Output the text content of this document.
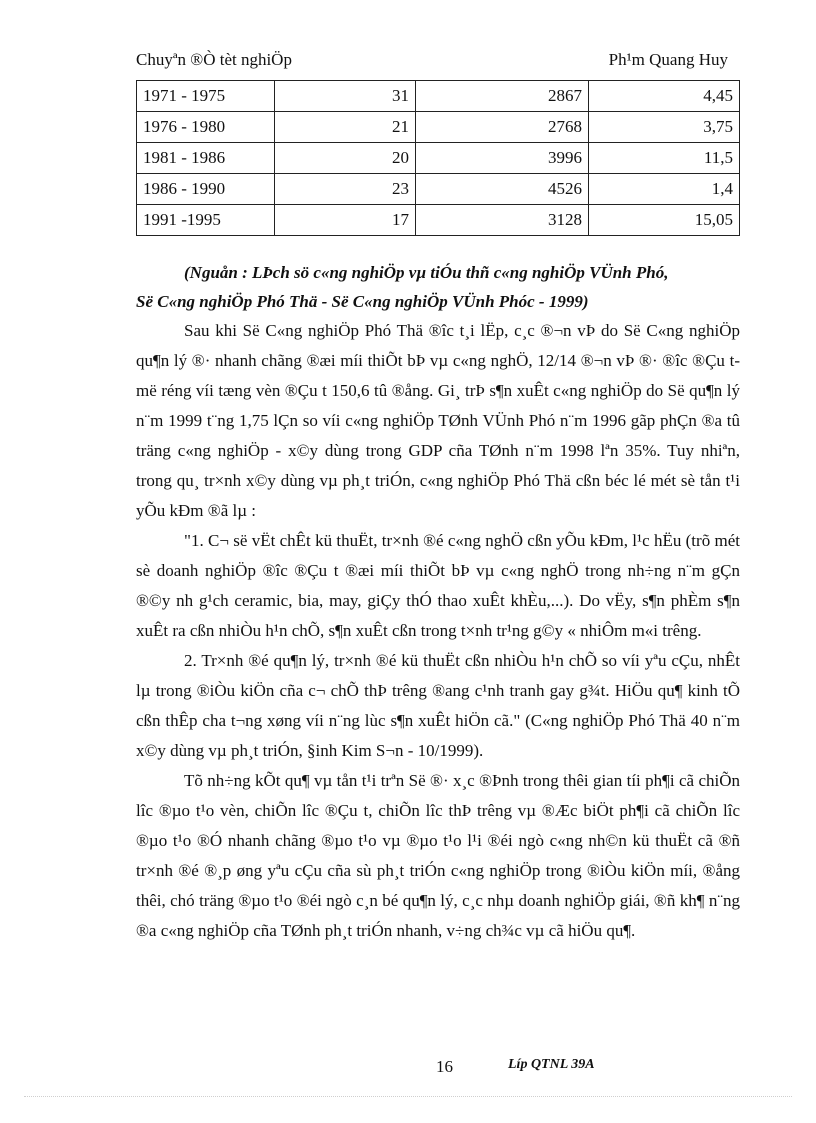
Chuyªn ®Ò tèt nghiÖp	Ph¹m Quang Huy
1971 - 1975	31	2867	4,45
1976 - 1980	21	2768	3,75
1981 - 1986	20	3996	11,5
1986 - 1990	23	4526	1,4
1991 -1995	17	3128	15,05
(Nguån : LÞch sö c«ng nghiÖp vµ tiÓu thñ c«ng nghiÖp VÜnh Phó,
Së C«ng nghiÖp Phó Thä - Së C«ng nghiÖp VÜnh Phóc - 1999)

Sau khi Së C«ng nghiÖp Phó Thä ®îc t¸i lËp, c¸c ®¬n vÞ do Së C«ng nghiÖp qu¶n lý ®· nhanh chãng ®æi míi thiÕt bÞ vµ c«ng nghÖ, 12/14 ®¬n vÞ ®· ®îc ®Çu t më réng víi tæng vèn ®Çu t 150,6 tû ®ång. Gi¸ trÞ s¶n xuÊt c«ng nghiÖp do Së qu¶n lý n¨m 1999 t¨ng 1,75 lÇn so víi c«ng nghiÖp TØnh VÜnh Phó n¨m 1996 gãp phÇn ®a tû träng c«ng nghiÖp - x©y dùng trong GDP cña TØnh n¨m 1998 lªn 35%. Tuy nhiªn, trong qu¸ tr×nh x©y dùng vµ ph¸t triÓn, c«ng nghiÖp Phó Thä cßn béc lé mét sè tån t¹i yÕu kÐm ®ã lµ :

"1. C¬ së vËt chÊt kü thuËt, tr×nh ®é c«ng nghÖ cßn yÕu kÐm, l¹c hËu (trõ mét sè doanh nghiÖp ®îc ®Çu t ®æi míi thiÕt bÞ vµ c«ng nghÖ trong nh÷ng n¨m gÇn ®©y nh g¹ch ceramic, bia, may, giÇy thÓ thao xuÊt khÈu,...). Do vËy, s¶n phÈm s¶n xuÊt ra cßn nhiÒu h¹n chÕ, s¶n xuÊt cßn trong t×nh tr¹ng g©y « nhiÔm m«i trêng.

2. Tr×nh ®é qu¶n lý, tr×nh ®é kü thuËt cßn nhiÒu h¹n chÕ so víi yªu cÇu, nhÊt lµ trong ®iÒu kiÖn cña c¬ chÕ thÞ trêng ®ang c¹nh tranh gay g¾t. HiÖu qu¶ kinh tÕ cßn thÊp cha t¬ng xøng víi n¨ng lùc s¶n xuÊt hiÖn cã." (C«ng nghiÖp Phó Thä 40 n¨m x©y dùng vµ ph¸t triÓn, §inh Kim S¬n - 10/1999).

Tõ nh÷ng kÕt qu¶ vµ tån t¹i trªn Së ®· x¸c ®Þnh trong thêi gian tíi ph¶i cã chiÕn lîc ®µo t¹o vèn, chiÕn lîc ®Çu t, chiÕn lîc thÞ trêng vµ ®Æc biÖt ph¶i cã chiÕn lîc ®µo t¹o ®Ó nhanh chãng ®µo t¹o vµ ®µo t¹o l¹i ®éi ngò c«ng nh©n kü thuËt cã ®ñ tr×nh ®é ®¸p øng yªu cÇu cña sù ph¸t triÓn c«ng nghiÖp trong ®iÒu kiÖn míi, ®ång thêi, chó träng ®µo t¹o ®éi ngò c¸n bé qu¶n lý, c¸c nhµ doanh nghiÖp giái, ®ñ kh¶ n¨ng ®a c«ng nghiÖp cña TØnh ph¸t triÓn nhanh, v÷ng ch¾c vµ cã hiÖu qu¶.

16	Líp QTNL 39A
